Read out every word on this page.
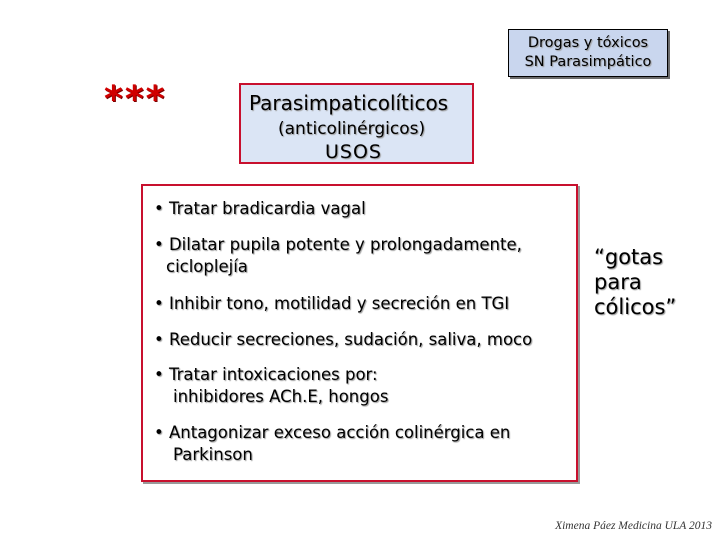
Drogas y tóxicos
SN Parasimpático
***	Parasimpaticolíticos
(anticolinérgicos)
USOS
• Tratar bradicardia vagal
• Dilatar pupila potente y prolongadamente,
ciclopl​ejía
• Inhibir tono, motilidad y secreción en TGI
• Reducir secreciones, sudación, saliva, moco
• Tratar intoxicaciones por:
inhibidores ACh.E, hongos
• Antagonizar exceso acción colinérgica en
Parkinson
“gotas
para
cólicos”
Ximena Páez Medicina ULA 2013
